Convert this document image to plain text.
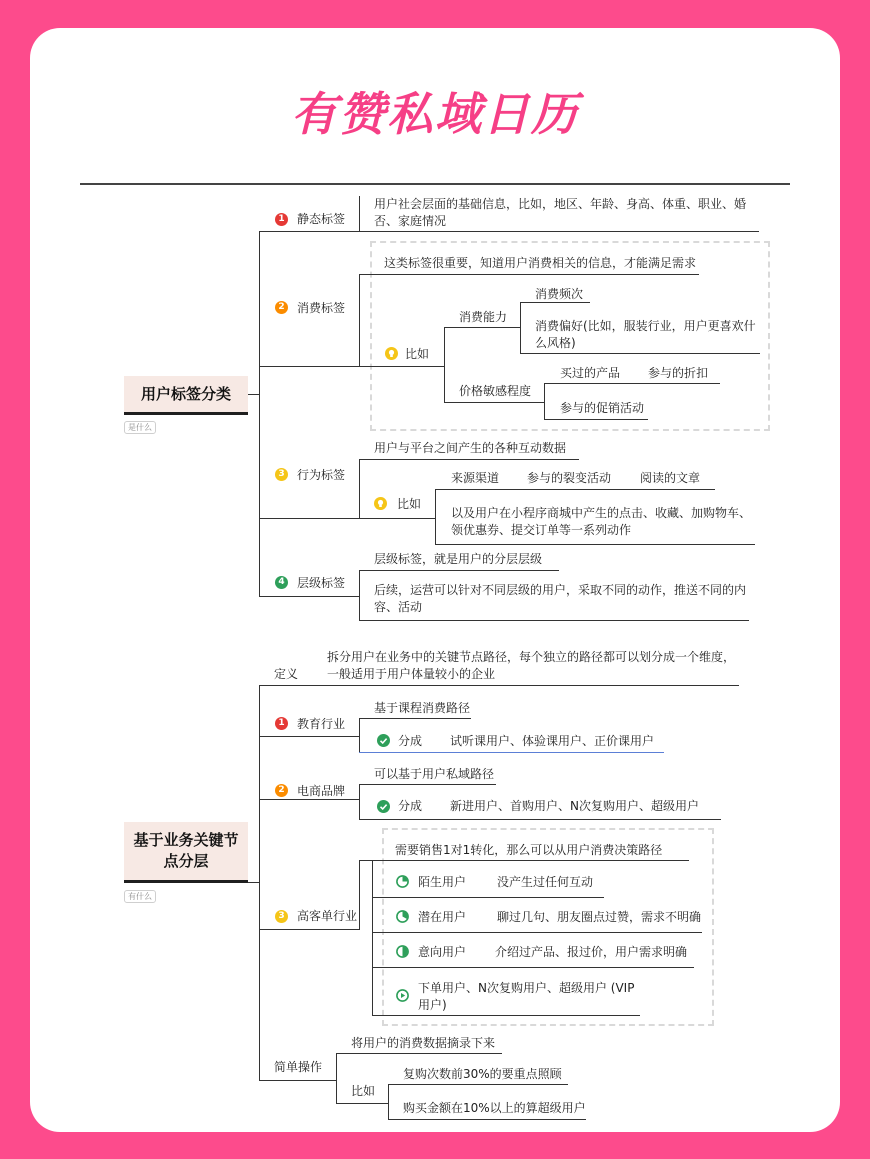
有赞私域日历
用户标签分类
是什么
1 静态标签
用户社会层面的基础信息，比如，地区、年龄、身高、体重、职业、婚否、家庭情况
2 消费标签
这类标签很重要，知道用户消费相关的信息，才能满足需求
比如
消费能力
消费频次
消费偏好(比如，服装行业，用户更喜欢什么风格)
价格敏感程度
买过的产品 参与的折扣
参与的促销活动
3 行为标签
用户与平台之间产生的各种互动数据
比如
来源渠道 参与的裂变活动 阅读的文章
以及用户在小程序商城中产生的点击、收藏、加购物车、领优惠券、提交订单等一系列动作
4 层级标签
层级标签，就是用户的分层层级
后续，运营可以针对不同层级的用户，采取不同的动作，推送不同的内容、活动
基于业务关键节点分层
有什么
定义
拆分用户在业务中的关键节点路径，每个独立的路径都可以划分成一个维度，一般适用于用户体量较小的企业
1 教育行业
基于课程消费路径
分成 试听课用户、体验课用户、正价课用户
2 电商品牌
可以基于用户私域路径
分成 新进用户、首购用户、N次复购用户、超级用户
3 高客单行业
需要销售1对1转化，那么可以从用户消费决策路径
陌生用户	没产生过任何互动
潜在用户	聊过几句、朋友圈点过赞，需求不明确
意向用户 介绍过产品、报过价，用户需求明确
下单用户、N次复购用户、超级用户 (VIP用户)
简单操作
将用户的消费数据摘录下来
比如
复购次数前30%的要重点照顾
购买金额在10%以上的算超级用户
